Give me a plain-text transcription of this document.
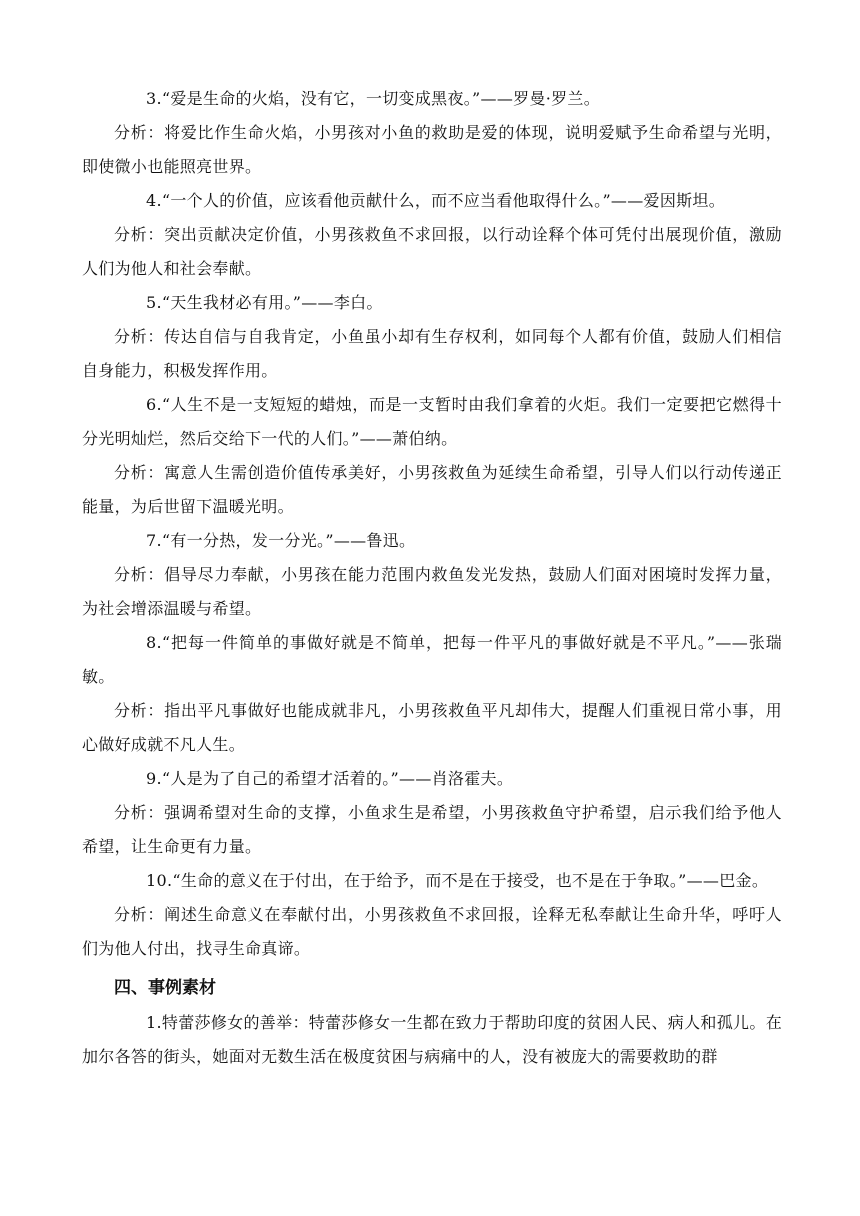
3.“爱是生命的火焰，没有它，一切变成黑夜。”——罗曼·罗兰。

分析：将爱比作生命火焰，小男孩对小鱼的救助是爱的体现，说明爱赋予生命希望与光明，即使微小也能照亮世界。

4.“一个人的价值，应该看他贡献什么，而不应当看他取得什么。”——爱因斯坦。

分析：突出贡献决定价值，小男孩救鱼不求回报，以行动诠释个体可凭付出展现价值，激励人们为他人和社会奉献。

5.“天生我材必有用。”——李白。

分析：传达自信与自我肯定，小鱼虽小却有生存权利，如同每个人都有价值，鼓励人们相信自身能力，积极发挥作用。

6.“人生不是一支短短的蜡烛，而是一支暂时由我们拿着的火炬。我们一定要把它燃得十分光明灿烂，然后交给下一代的人们。”——萧伯纳。

分析：寓意人生需创造价值传承美好，小男孩救鱼为延续生命希望，引导人们以行动传递正能量，为后世留下温暖光明。

7.“有一分热，发一分光。”——鲁迅。

分析：倡导尽力奉献，小男孩在能力范围内救鱼发光发热，鼓励人们面对困境时发挥力量，为社会增添温暖与希望。

8.“把每一件简单的事做好就是不简单，把每一件平凡的事做好就是不平凡。”——张瑞敏。

分析：指出平凡事做好也能成就非凡，小男孩救鱼平凡却伟大，提醒人们重视日常小事，用心做好成就不凡人生。

9.“人是为了自己的希望才活着的。”——肖洛霍夫。

分析：强调希望对生命的支撑，小鱼求生是希望，小男孩救鱼守护希望，启示我们给予他人希望，让生命更有力量。

10.“生命的意义在于付出，在于给予，而不是在于接受，也不是在于争取。”——巴金。

分析：阐述生命意义在奉献付出，小男孩救鱼不求回报，诠释无私奉献让生命升华，呼吁人们为他人付出，找寻生命真谛。

四、事例素材

1.特蕾莎修女的善举：特蕾莎修女一生都在致力于帮助印度的贫困人民、病人和孤儿。在加尔各答的街头，她面对无数生活在极度贫困与病痛中的人，没有被庞大的需要救助的群
